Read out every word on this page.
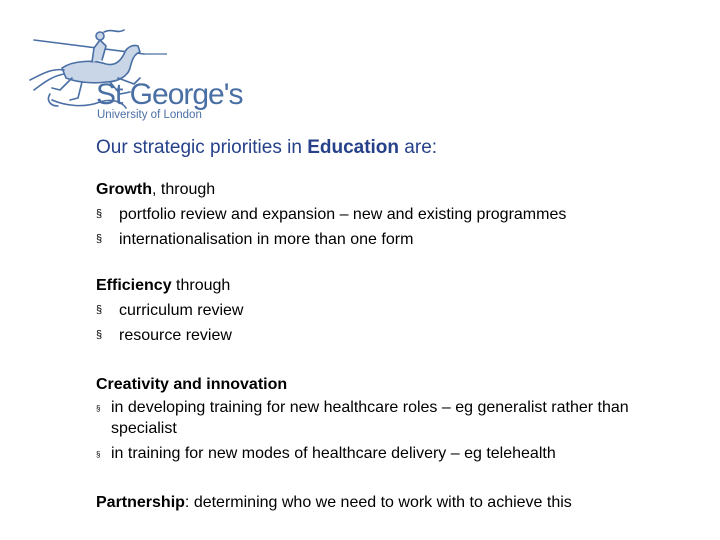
St George's
University of London
Our strategic priorities in Education are:
Growth, through
§ portfolio review and expansion – new and existing programmes
§ internationalisation in more than one form
Efficiency through
§ curriculum review
§ resource review
Creativity and innovation
§ in developing training for new healthcare roles – eg generalist rather than specialist
§ in training for new modes of healthcare delivery – eg telehealth
Partnership: determining who we need to work with to achieve this
